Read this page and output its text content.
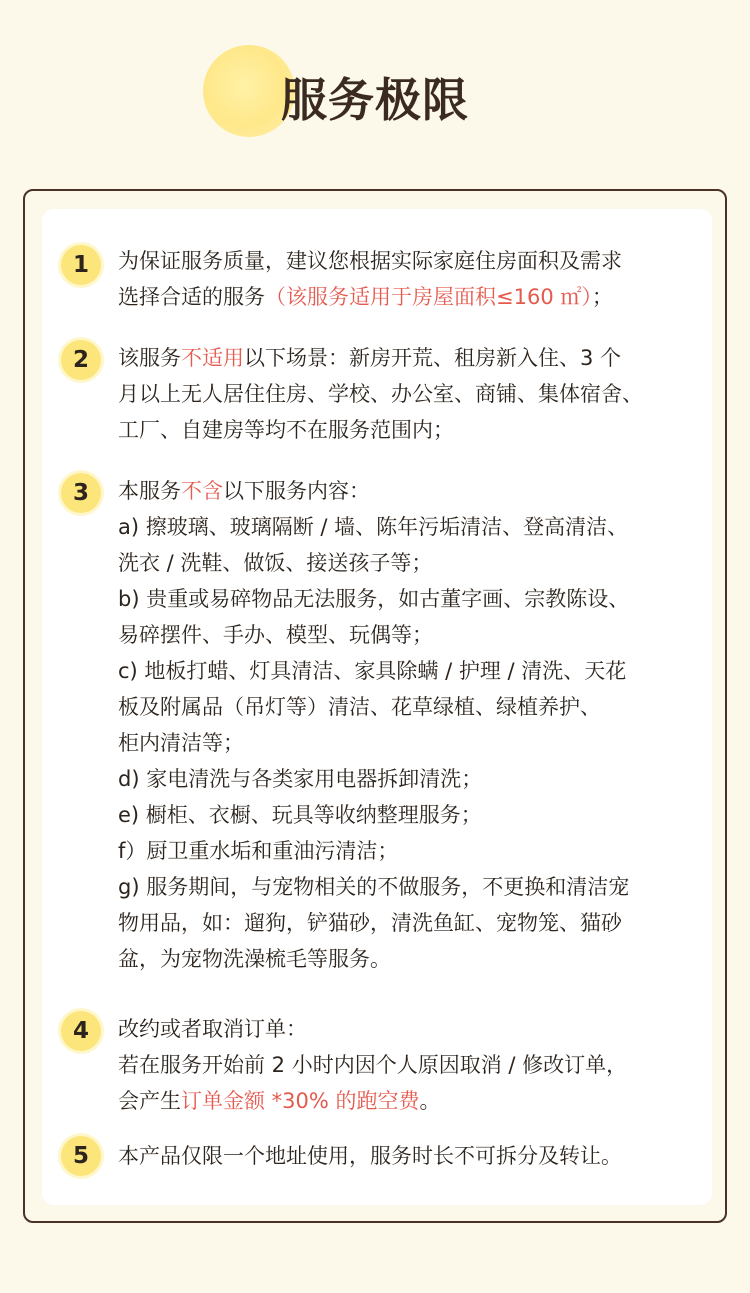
服务极限
1	为保证服务质量，建议您根据实际家庭住房面积及需求
选择合适的服务（该服务适用于房屋面积≤160 ㎡）；
2	该服务不适用以下场景：新房开荒、租房新入住、3 个
月以上无人居住住房、学校、办公室、商铺、集体宿舍、
工厂、自建房等均不在服务范围内；
3	本服务不含以下服务内容：
a) 擦玻璃、玻璃隔断 / 墙、陈年污垢清洁、登高清洁、
洗衣 / 洗鞋、做饭、接送孩子等；
b) 贵重或易碎物品无法服务，如古董字画、宗教陈设、
易碎摆件、手办、模型、玩偶等；
c) 地板打蜡、灯具清洁、家具除螨 / 护理 / 清洗、天花
板及附属品（吊灯等）清洁、花草绿植、绿植养护、
柜内清洁等；
d) 家电清洗与各类家用电器拆卸清洗；
e) 橱柜、衣橱、玩具等收纳整理服务；
f）厨卫重水垢和重油污清洁；
g) 服务期间，与宠物相关的不做服务，不更换和清洁宠
物用品，如：遛狗，铲猫砂，清洗鱼缸、宠物笼、猫砂
盆，为宠物洗澡梳毛等服务。
4	改约或者取消订单：
若在服务开始前 2 小时内因个人原因取消 / 修改订单，
会产生订单金额 *30% 的跑空费。
5	本产品仅限一个地址使用，服务时长不可拆分及转让。
